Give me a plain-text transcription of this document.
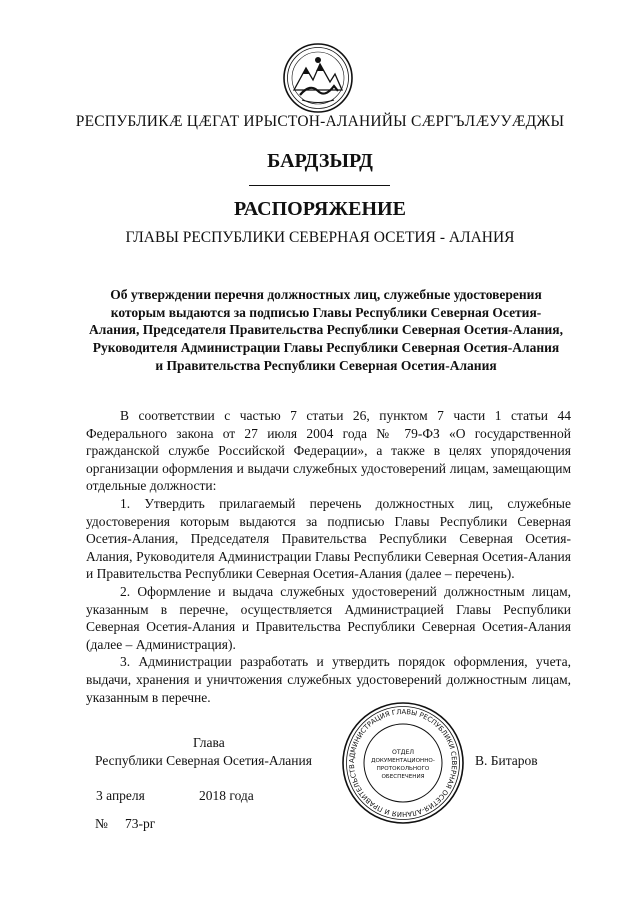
РЕСПУБЛИКӔ ЦӔГАТ ИРЫСТОН-АЛАНИЙЫ СӔРГЪЛӔУУӔДЖЫ
БАРДЗЫРД
РАСПОРЯЖЕНИЕ
ГЛАВЫ РЕСПУБЛИКИ СЕВЕРНАЯ ОСЕТИЯ - АЛАНИЯ
Об утверждении перечня должностных лиц, служебные удостоверения которым выдаются за подписью Главы Республики Северная Осетия-Алания, Председателя Правительства Республики Северная Осетия-Алания, Руководителя Администрации Главы Республики Северная Осетия-Алания и Правительства Республики Северная Осетия-Алания

В соответствии с частью 7 статьи 26, пунктом 7 части 1 статьи 44 Федерального закона от 27 июля 2004 года № 79-ФЗ «О государственной гражданской службе Российской Федерации», а также в целях упорядочения организации оформления и выдачи служебных удостоверений лицам, замещающим отдельные должности:

1. Утвердить прилагаемый перечень должностных лиц, служебные удостоверения которым выдаются за подписью Главы Республики Северная Осетия-Алания, Председателя Правительства Республики Северная Осетия-Алания, Руководителя Администрации Главы Республики Северная Осетия-Алания и Правительства Республики Северная Осетия-Алания (далее – перечень).

2. Оформление и выдача служебных удостоверений должностным лицам, указанным в перечне, осуществляется Администрацией Главы Республики Северная Осетия-Алания и Правительства Республики Северная Осетия-Алания (далее – Администрация).

3. Администрации разработать и утвердить порядок оформления, учета, выдачи, хранения и уничтожения служебных удостоверений должностным лицам, указанным в перечне.

АДМИНИСТРАЦИЯ ГЛАВЫ РЕСПУБЛИКИ СЕВЕРНАЯ ОСЕТИЯ-АЛАНИЯ И ПРАВИТЕЛЬСТВ
ОТДЕЛ
ДОКУМЕНТАЦИОННО-
ПРОТОКОЛЬНОГО
ОБЕСПЕЧЕНИЯ
Глава
Республики Северная Осетия-Алания	В. Битаров
3 апреля	2018 года
№ 73-рг
